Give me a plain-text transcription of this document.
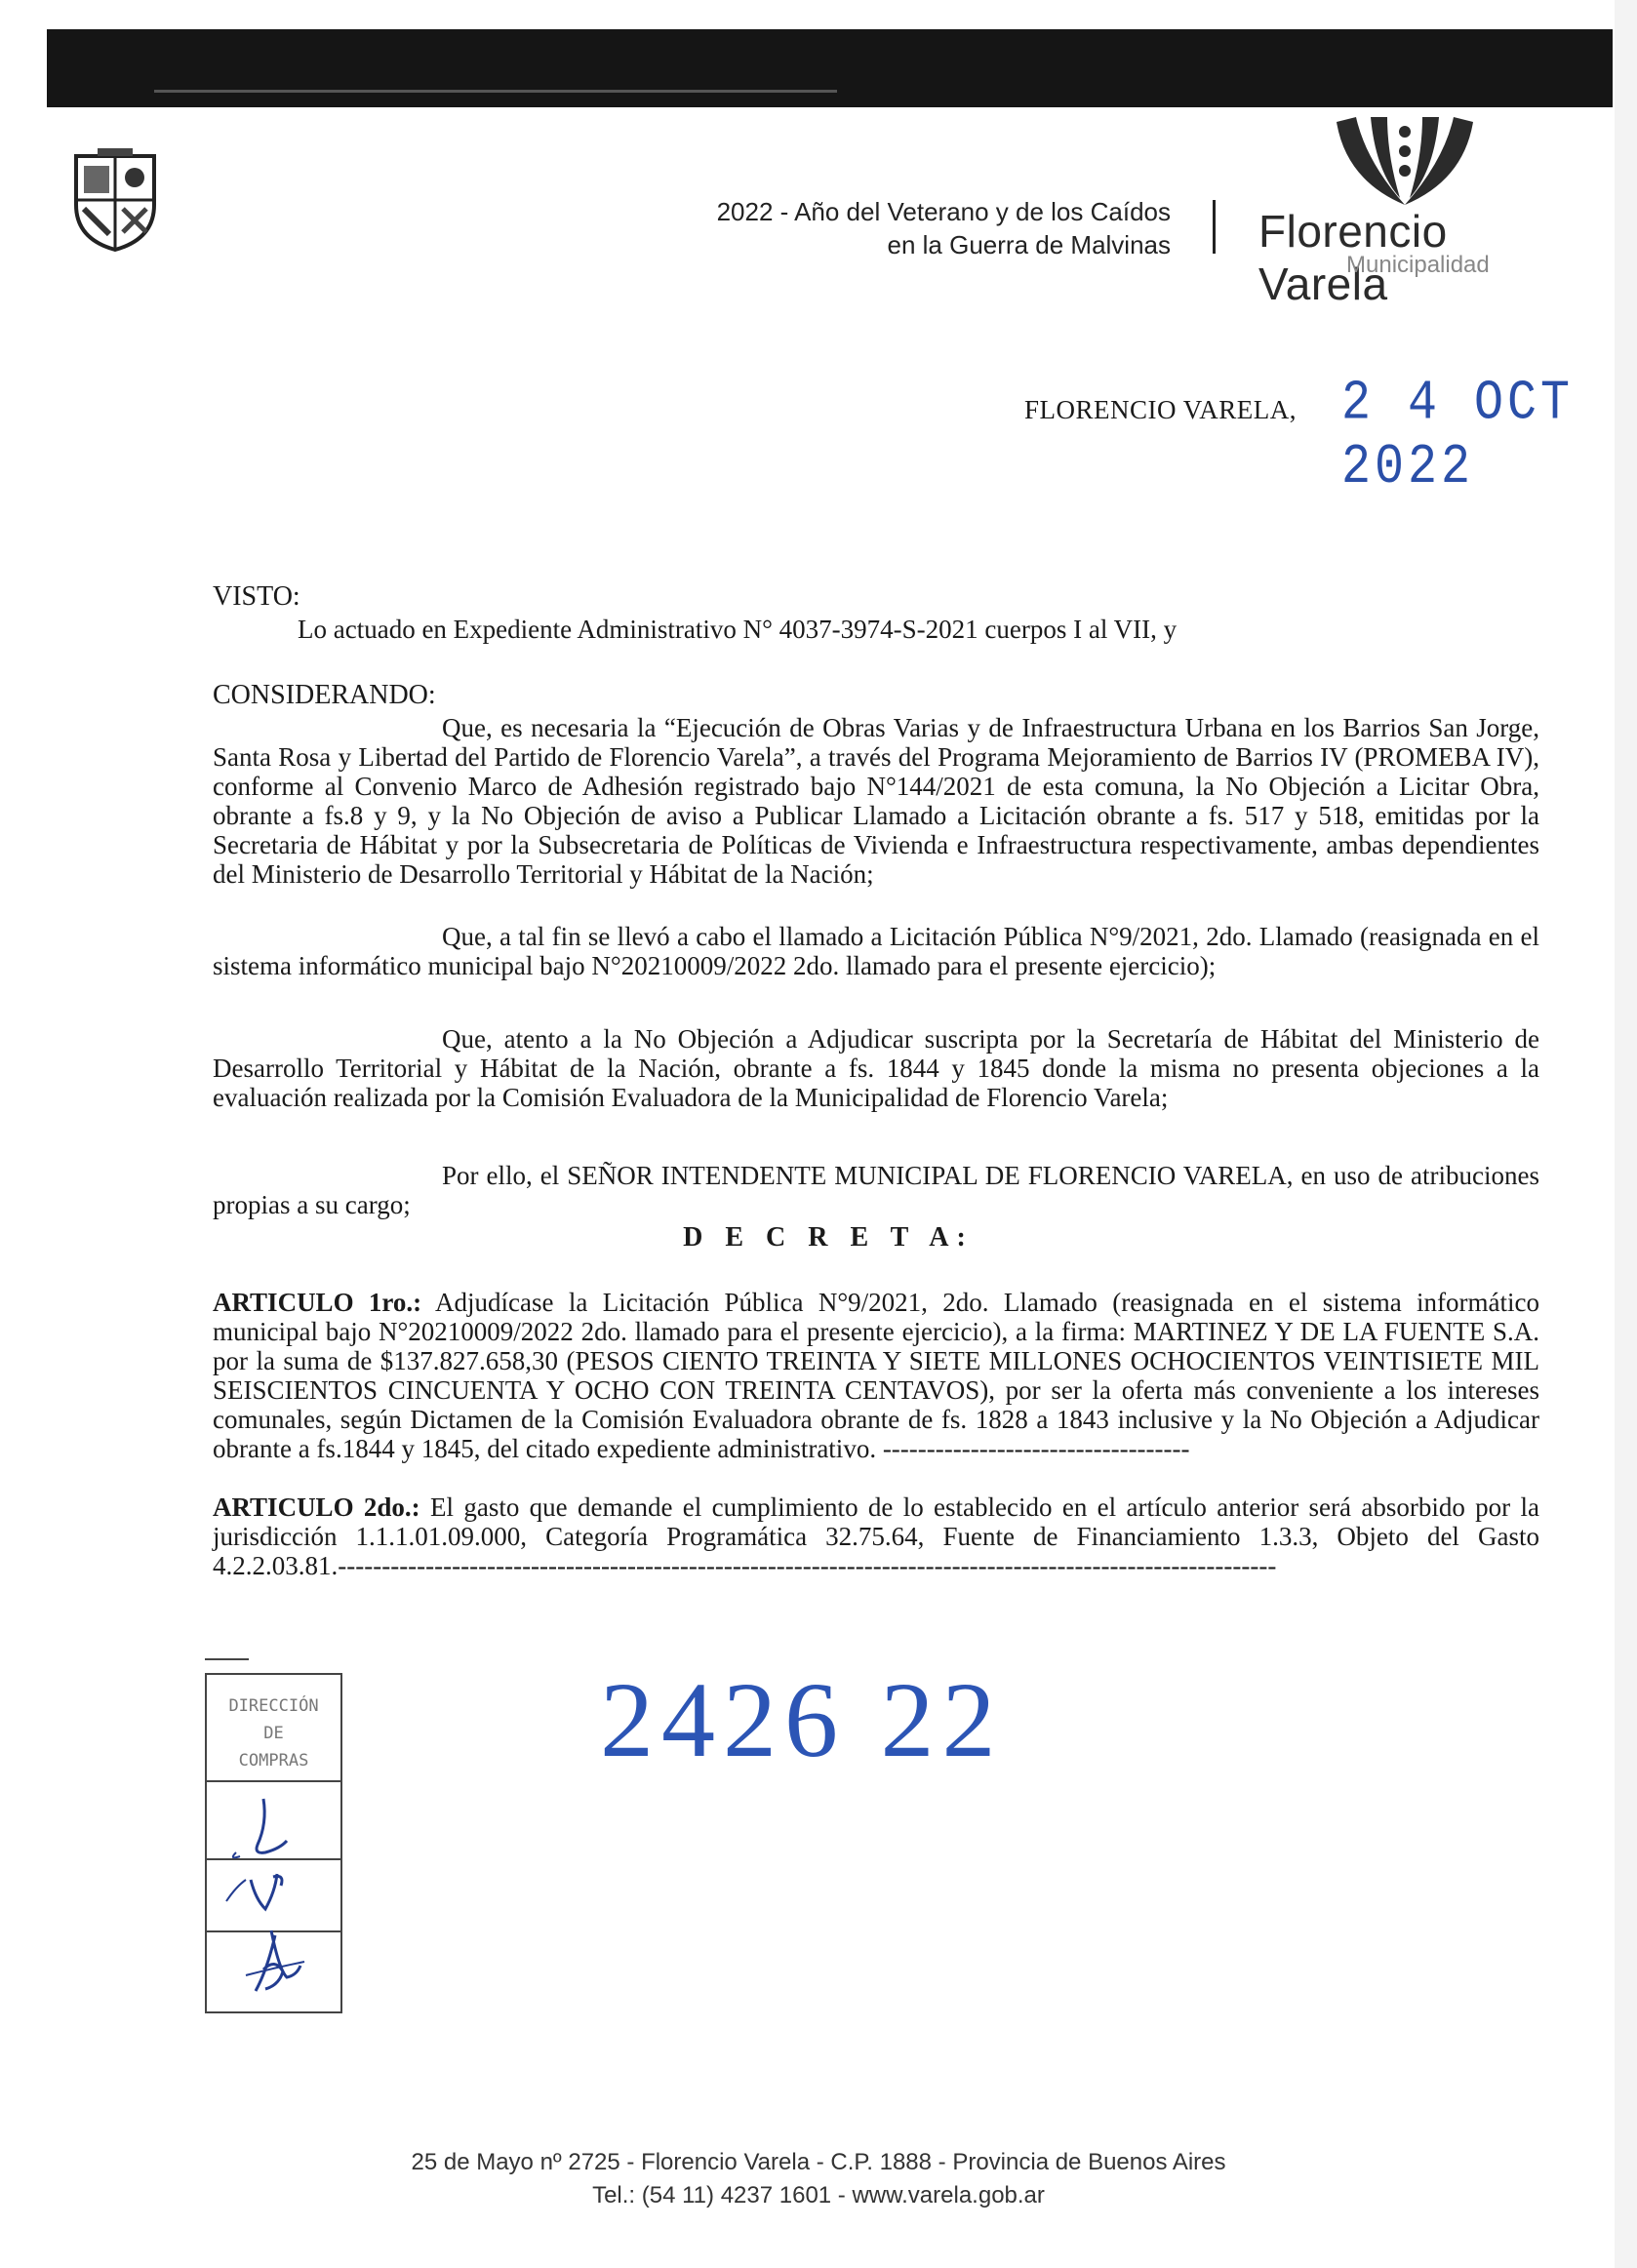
2022 - Año del Veterano y de los Caídos
en la Guerra de Malvinas Florencio Varela
Municipalidad
FLORENCIO VARELA, 2 4 OCT 2022
VISTO:
Lo actuado en Expediente Administrativo N° 4037-3974-S-2021 cuerpos I al VII, y
CONSIDERANDO:
Que, es necesaria la “Ejecución de Obras Varias y de Infraestructura Urbana en los Barrios San Jorge, Santa Rosa y Libertad del Partido de Florencio Varela”, a través del Programa Mejoramiento de Barrios IV (PROMEBA IV), conforme al Convenio Marco de Adhesión registrado bajo N°144/2021 de esta comuna, la No Objeción a Licitar Obra, obrante a fs.8 y 9, y la No Objeción de aviso a Publicar Llamado a Licitación obrante a fs. 517 y 518, emitidas por la Secretaria de Hábitat y por la Subsecretaria de Políticas de Vivienda e Infraestructura respectivamente, ambas dependientes del Ministerio de Desarrollo Territorial y Hábitat de la Nación;
Que, a tal fin se llevó a cabo el llamado a Licitación Pública N°9/2021, 2do. Llamado (reasignada en el sistema informático municipal bajo N°20210009/2022 2do. llamado para el presente ejercicio);
Que, atento a la No Objeción a Adjudicar suscripta por la Secretaría de Hábitat del Ministerio de Desarrollo Territorial y Hábitat de la Nación, obrante a fs. 1844 y 1845 donde la misma no presenta objeciones a la evaluación realizada por la Comisión Evaluadora de la Municipalidad de Florencio Varela;
Por ello, el SEÑOR INTENDENTE MUNICIPAL DE FLORENCIO VARELA, en uso de atribuciones propias a su cargo;
D E C R E T A:
ARTICULO 1ro.: Adjudícase la Licitación Pública N°9/2021, 2do. Llamado (reasignada en el sistema informático municipal bajo N°20210009/2022 2do. llamado para el presente ejercicio), a la firma: MARTINEZ Y DE LA FUENTE S.A. por la suma de $137.827.658,30 (PESOS CIENTO TREINTA Y SIETE MILLONES OCHOCIENTOS VEINTISIETE MIL SEISCIENTOS CINCUENTA Y OCHO CON TREINTA CENTAVOS), por ser la oferta más conveniente a los intereses comunales, según Dictamen de la Comisión Evaluadora obrante de fs. 1828 a 1843 inclusive y la No Objeción a Adjudicar obrante a fs.1844 y 1845, del citado expediente administrativo. -----------------------------------
ARTICULO 2do.: El gasto que demande el cumplimiento de lo establecido en el artículo anterior será absorbido por la jurisdicción 1.1.1.01.09.000, Categoría Programática 32.75.64, Fuente de Financiamiento 1.3.3, Objeto del Gasto 4.2.2.03.81.-----------------------------------------------------------------------------------------------------------
2426 22
DIRECCIÓN
DE
COMPRAS
25 de Mayo nº 2725 - Florencio Varela - C.P. 1888 - Provincia de Buenos Aires
Tel.: (54 11) 4237 1601 - www.varela.gob.ar
